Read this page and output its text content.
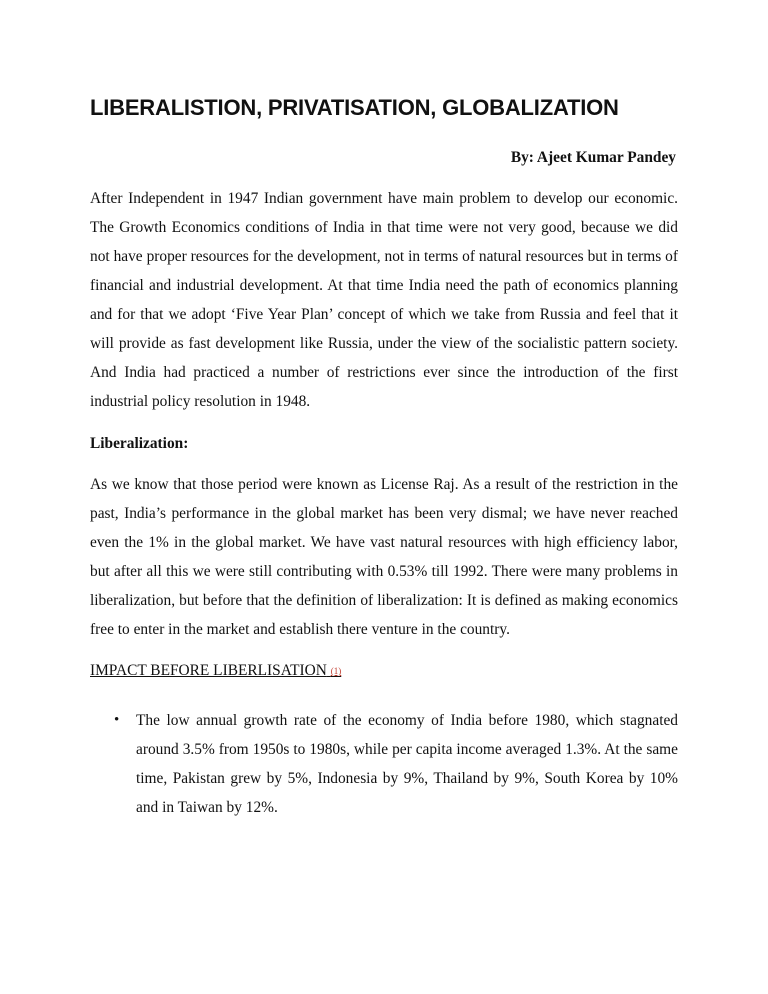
LIBERALISTION, PRIVATISATION, GLOBALIZATION
By: Ajeet Kumar Pandey

After Independent in 1947 Indian government have main problem to develop our economic. The Growth Economics conditions of India in that time were not very good, because we did not have proper resources for the development, not in terms of natural resources but in terms of financial and industrial development. At that time India need the path of economics planning and for that we adopt ‘Five Year Plan’ concept of which we take from Russia and feel that it will provide as fast development like Russia, under the view of the socialistic pattern society. And India had practiced a number of restrictions ever since the introduction of the first industrial policy resolution in 1948.

Liberalization:

As we know that those period were known as License Raj. As a result of the restriction in the past, India’s performance in the global market has been very dismal; we have never reached even the 1% in the global market. We have vast natural resources with high efficiency labor, but after all this we were still contributing with 0.53% till 1992. There were many problems in liberalization, but before that the definition of liberalization: It is defined as making economics free to enter in the market and establish there venture in the country.

IMPACT BEFORE LIBERLISATION (1)
• The low annual growth rate of the economy of India before 1980, which stagnated around 3.5% from 1950s to 1980s, while per capita income averaged 1.3%. At the same time, Pakistan grew by 5%, Indonesia by 9%, Thailand by 9%, South Korea by 10% and in Taiwan by 12%.
